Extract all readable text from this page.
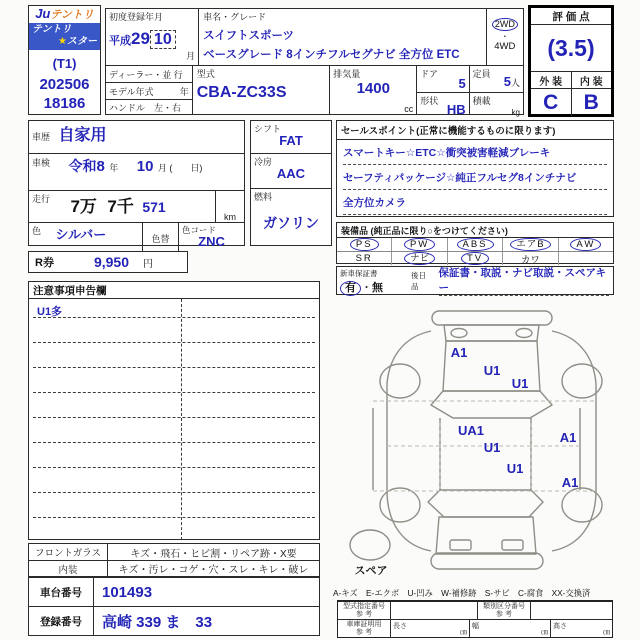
Juテントリ
テントリ
★スター
(T1)
202506
18186
初度登録年月
平成29 10
月
車名・グレード
スイフトスポーツ
ベースグレード 8インチフルセグナビ 全方位 ETC
2WD
・
4WD
ディーラー・並 行
モデル年式	年
ハンドル　左・右
型式
CBA-ZC33S
排気量
1400
cc
ドア
5
形状
HB
定員 5人
積載
kg
評 価 点
(3.5)
外 装	内 装
C	B
車歴 自家用
車検 令和8 年 10 月 (　　日)
$^{走行}$ 7万 7千 571
km
$^色$ シルバー	色替
色コード
ZNC
シフト
FAT
冷房
AAC
燃料
ガソリン
セールスポイント(正常に機能するものに限ります)
スマートキー☆ETC☆衝突被害軽減ブレーキ
セーフティパッケージ☆純正フルセグ8インチナビ
全方位カメラ
R券	9,950 円
装備品 (純正品に限り○をつけてください)
PS	PW	ABS	エアB	AW
SR	ナビ	TV	カワ
新車保証書
有 ・無
後日品
保証書・取説・ナビ取説・スペアキー
注意事項申告欄
U1多
A1
U1
U1
UA1
U1
U1
A1
A1
スペア
A-キズ　E-エクボ　U-凹み　W-補修跡　S-サビ　C-腐食　XX-交換済
型式指定番号
参 考
類別区分番号
参 考
車庫証明用
参 考
長さ
㎝
幅
㎝
高さ
㎝
フロントガラス	キズ・飛石・ヒビ割・リペア跡・X要
内装	キズ・汚レ・コゲ・穴・スレ・キレ・破レ
車台番号	101493
登録番号	高崎 339 ま　33
